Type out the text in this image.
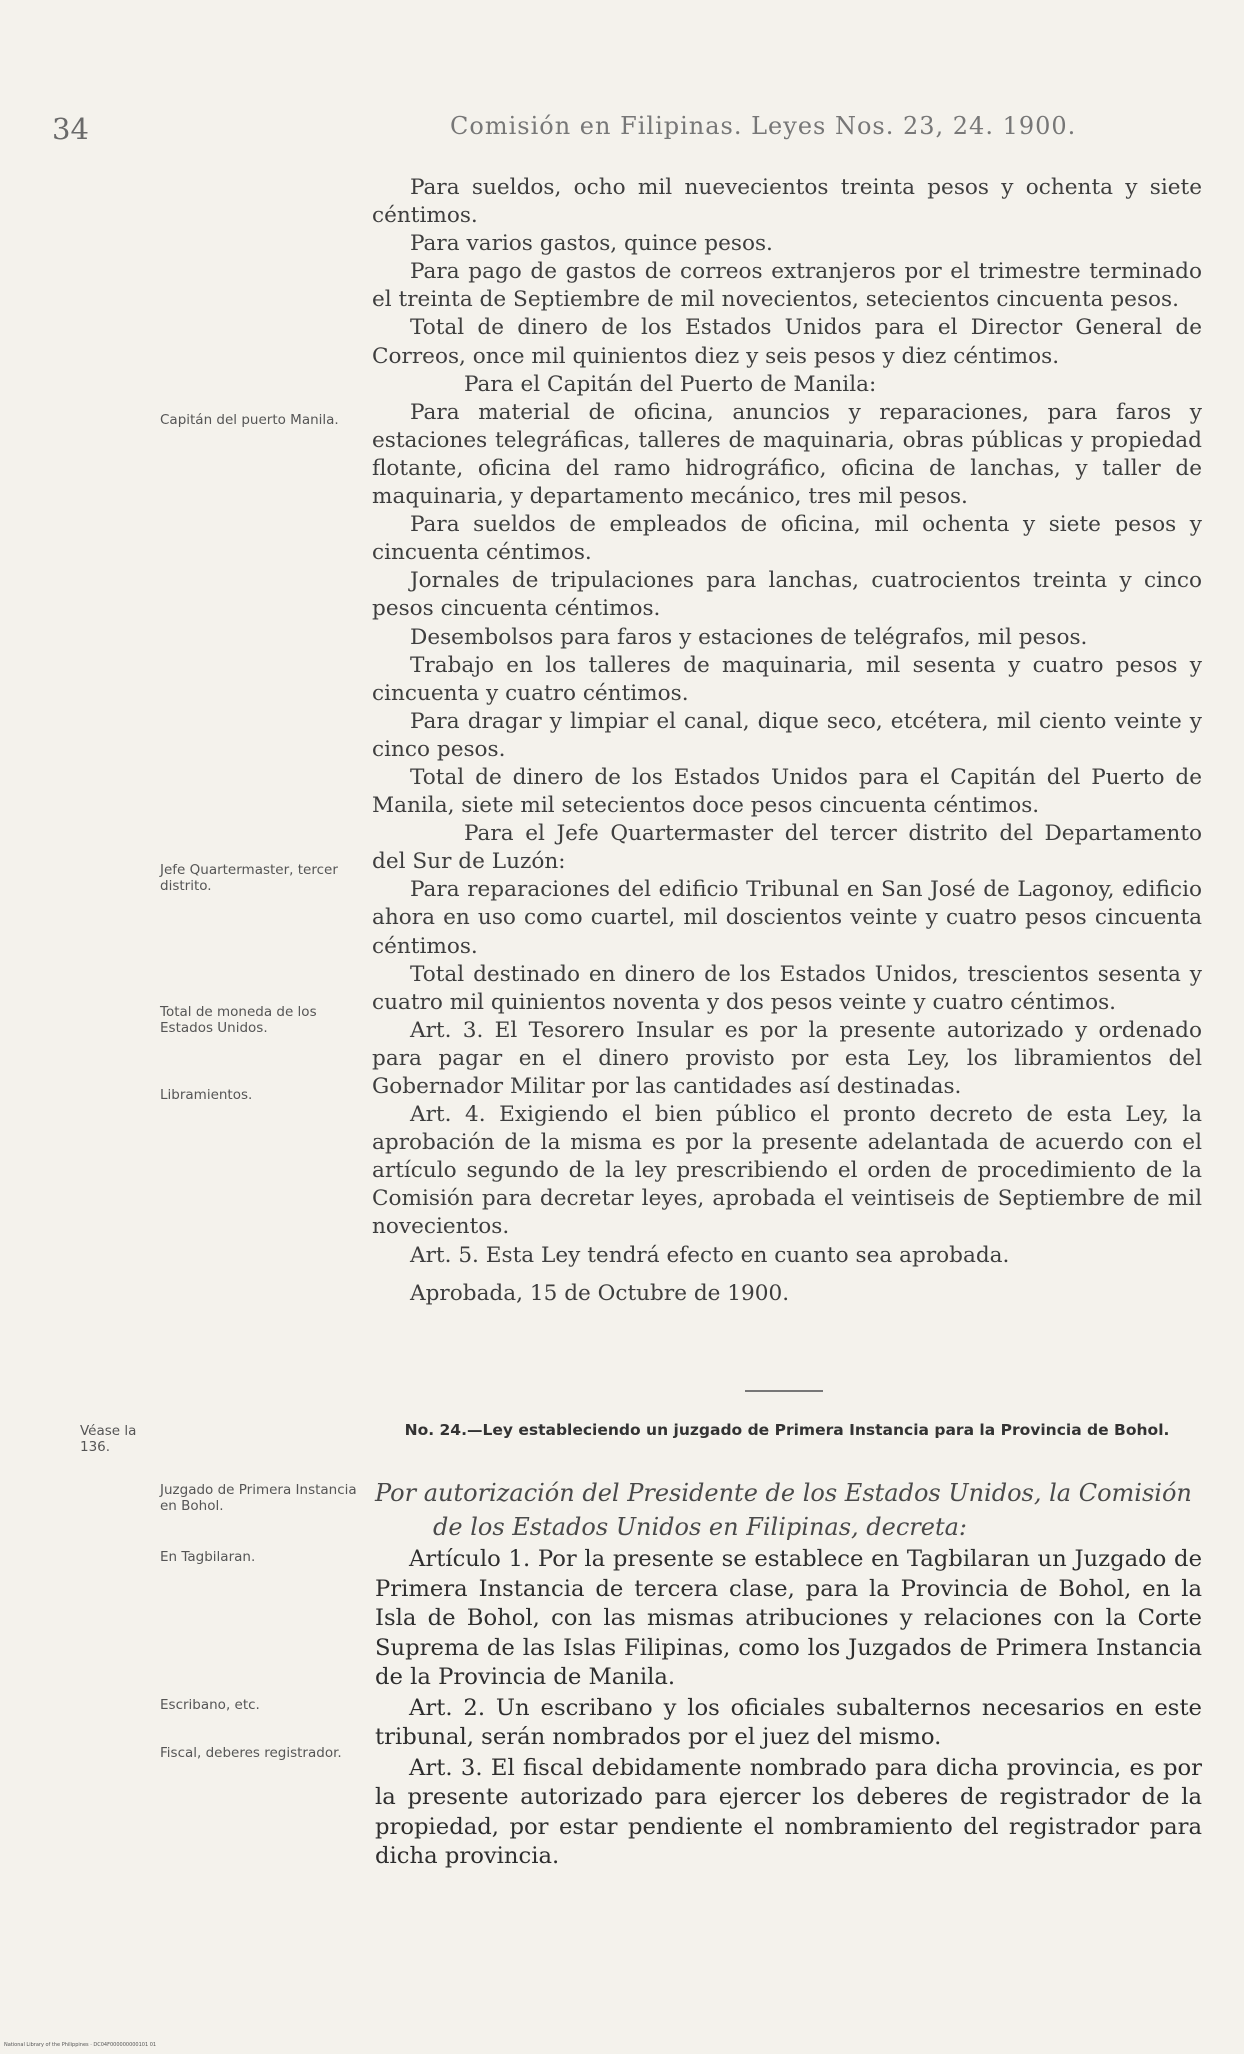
34	Comisión en Filipinas. Leyes Nos. 23, 24. 1900.
Capitán del puerto Manila.
Jefe Quartermaster, tercer distrito.
Total de moneda de los Estados Unidos.
Libramientos.
Véase la 136.
Juzgado de Primera Instancia en Bohol.
En Tagbilaran.
Escribano, etc.
Fiscal, deberes registrador.

Para sueldos, ocho mil nuevecientos treinta pesos y ochenta y siete céntimos.

Para varios gastos, quince pesos.

Para pago de gastos de correos extranjeros por el trimestre terminado el treinta de Septiembre de mil novecientos, setecientos cincuenta pesos.

Total de dinero de los Estados Unidos para el Director General de Correos, once mil quinientos diez y seis pesos y diez céntimos.

Para el Capitán del Puerto de Manila:

Para material de oficina, anuncios y reparaciones, para faros y estaciones telegráficas, talleres de maquinaria, obras públicas y propiedad flotante, oficina del ramo hidrográfico, oficina de lanchas, y taller de maquinaria, y departamento mecánico, tres mil pesos.

Para sueldos de empleados de oficina, mil ochenta y siete pesos y cincuenta céntimos.

Jornales de tripulaciones para lanchas, cuatrocientos treinta y cinco pesos cincuenta céntimos.

Desembolsos para faros y estaciones de telégrafos, mil pesos.

Trabajo en los talleres de maquinaria, mil sesenta y cuatro pesos y cincuenta y cuatro céntimos.

Para dragar y limpiar el canal, dique seco, etcétera, mil ciento veinte y cinco pesos.

Total de dinero de los Estados Unidos para el Capitán del Puerto de Manila, siete mil setecientos doce pesos cincuenta céntimos.

Para el Jefe Quartermaster del tercer distrito del Departamento del Sur de Luzón:

Para reparaciones del edificio Tribunal en San José de Lagonoy, edificio ahora en uso como cuartel, mil doscientos veinte y cuatro pesos cincuenta céntimos.

Total destinado en dinero de los Estados Unidos, trescientos sesenta y cuatro mil quinientos noventa y dos pesos veinte y cuatro céntimos.

Art. 3. El Tesorero Insular es por la presente autorizado y ordenado para pagar en el dinero provisto por esta Ley, los libramientos del Gobernador Militar por las cantidades así destinadas.

Art. 4. Exigiendo el bien público el pronto decreto de esta Ley, la aprobación de la misma es por la presente adelantada de acuerdo con el artículo segundo de la ley prescribiendo el orden de procedimiento de la Comisión para decretar leyes, aprobada el veintiseis de Septiembre de mil novecientos.

Art. 5. Esta Ley tendrá efecto en cuanto sea aprobada.

Aprobada, 15 de Octubre de 1900.

No. 24.—Ley estableciendo un juzgado de Primera Instancia para la Provincia de Bohol.
Por autorización del Presidente de los Estados Unidos, la Comisión
de los Estados Unidos en Filipinas, decreta:

Artículo 1. Por la presente se establece en Tagbilaran un Juzgado de Primera Instancia de tercera clase, para la Provincia de Bohol, en la Isla de Bohol, con las mismas atribuciones y relaciones con la Corte Suprema de las Islas Filipinas, como los Juzgados de Primera Instancia de la Provincia de Manila.

Art. 2. Un escribano y los oficiales subalternos necesarios en este tribunal, serán nombrados por el juez del mismo.

Art. 3. El fiscal debidamente nombrado para dicha provincia, es por la presente autorizado para ejercer los deberes de registrador de la propiedad, por estar pendiente el nombramiento del registrador para dicha provincia.

National Library of the Philippines · DC04F000000000101 01
